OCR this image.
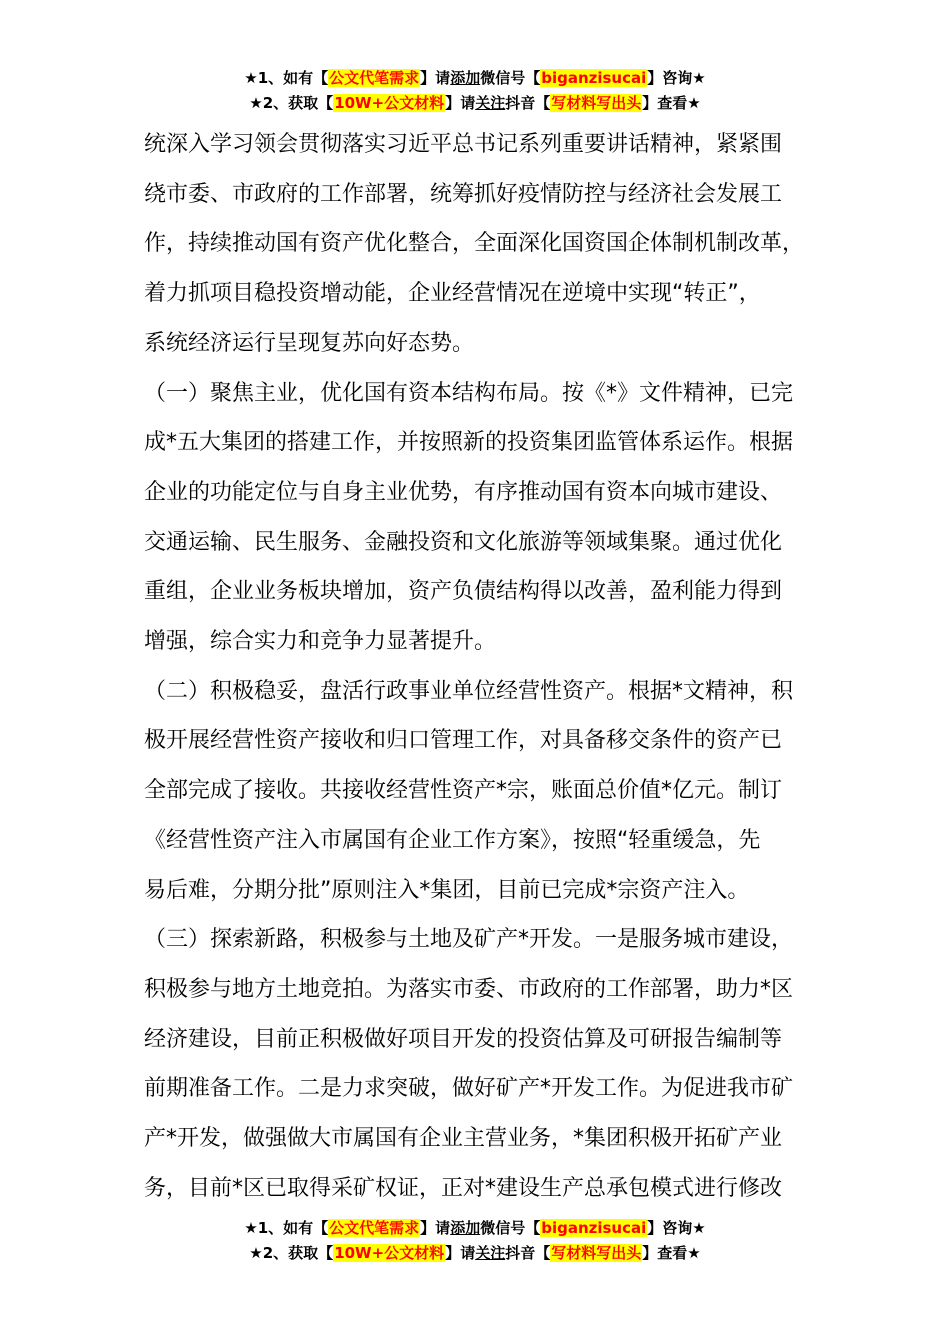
★1、如有【公文代笔需求】请添加微信号【biganzisucai】咨询★
★2、获取【10W+公文材料】请关注抖音【写材料写出头】查看★

统深入学习领会贯彻落实习近平总书记系列重要讲话精神，紧紧围
绕市委、市政府的工作部署，统筹抓好疫情防控与经济社会发展工
作，持续推动国有资产优化整合，全面深化国资国企体制机制改革，
着力抓项目稳投资增动能，企业经营情况在逆境中实现“转正”，
系统经济运行呈现复苏向好态势。

（一）聚焦主业，优化国有资本结构布局。按《*》文件精神，已完
成*五大集团的搭建工作，并按照新的投资集团监管体系运作。根据
企业的功能定位与自身主业优势，有序推动国有资本向城市建设、
交通运输、民生服务、金融投资和文化旅游等领域集聚。通过优化
重组，企业业务板块增加，资产负债结构得以改善，盈利能力得到
增强，综合实力和竞争力显著提升。

（二）积极稳妥，盘活行政事业单位经营性资产。根据*文精神，积
极开展经营性资产接收和归口管理工作，对具备移交条件的资产已
全部完成了接收。共接收经营性资产*宗，账面总价值*亿元。制订
《经营性资产注入市属国有企业工作方案》，按照“轻重缓急，先
易后难，分期分批”原则注入*集团，目前已完成*宗资产注入。

（三）探索新路，积极参与土地及矿产*开发。一是服务城市建设，
积极参与地方土地竞拍。为落实市委、市政府的工作部署，助力*区
经济建设，目前正积极做好项目开发的投资估算及可研报告编制等
前期准备工作。二是力求突破，做好矿产*开发工作。为促进我市矿
产*开发，做强做大市属国有企业主营业务，*集团积极开拓矿产业
务，目前*区已取得采矿权证，正对*建设生产总承包模式进行修改

★1、如有【公文代笔需求】请添加微信号【biganzisucai】咨询★
★2、获取【10W+公文材料】请关注抖音【写材料写出头】查看★
